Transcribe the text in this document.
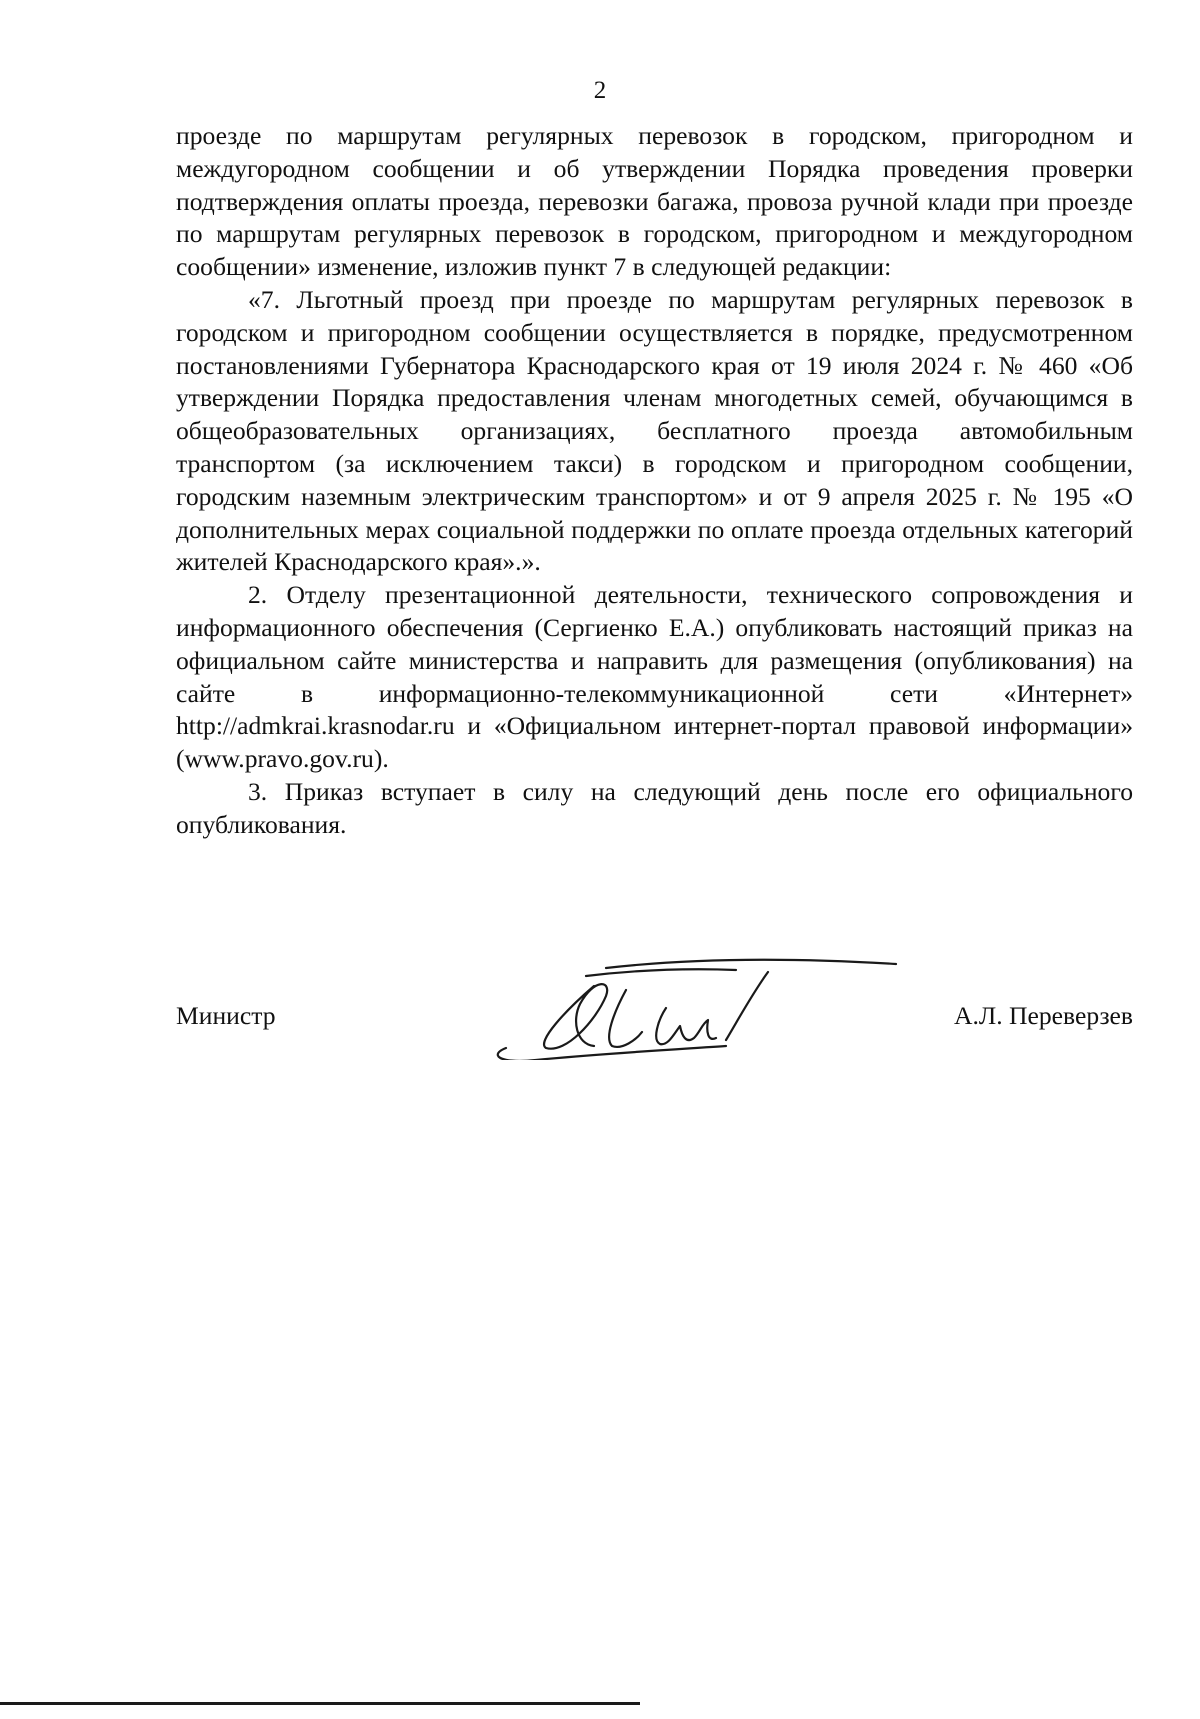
2

проезде по маршрутам регулярных перевозок в городском, пригородном и междугородном сообщении и об утверждении Порядка проведения проверки подтверждения оплаты проезда, перевозки багажа, провоза ручной клади при проезде по маршрутам регулярных перевозок в городском, пригородном и междугородном сообщении» изменение, изложив пункт 7 в следующей редакции:

«7. Льготный проезд при проезде по маршрутам регулярных перевозок в городском и пригородном сообщении осуществляется в порядке, предусмотренном постановлениями Губернатора Краснодарского края от 19 июля 2024 г. № 460 «Об утверждении Порядка предоставления членам многодетных семей, обучающимся в общеобразовательных организациях, бесплатного проезда автомобильным транспортом (за исключением такси) в городском и пригородном сообщении, городским наземным электрическим транспортом» и от 9 апреля 2025 г. № 195 «О дополнительных мерах социальной поддержки по оплате проезда отдельных категорий жителей Краснодарского края».».

2. Отделу презентационной деятельности, технического сопровождения и информационного обеспечения (Сергиенко Е.А.) опубликовать настоящий приказ на официальном сайте министерства и направить для размещения (опубликования) на сайте в информационно-телекоммуникационной сети «Интернет» http://admkrai.krasnodar.ru и «Официальном интернет-портал правовой информации» (www.pravo.gov.ru).

3. Приказ вступает в силу на следующий день после его официального опубликования.

Министр	А.Л. Переверзев
